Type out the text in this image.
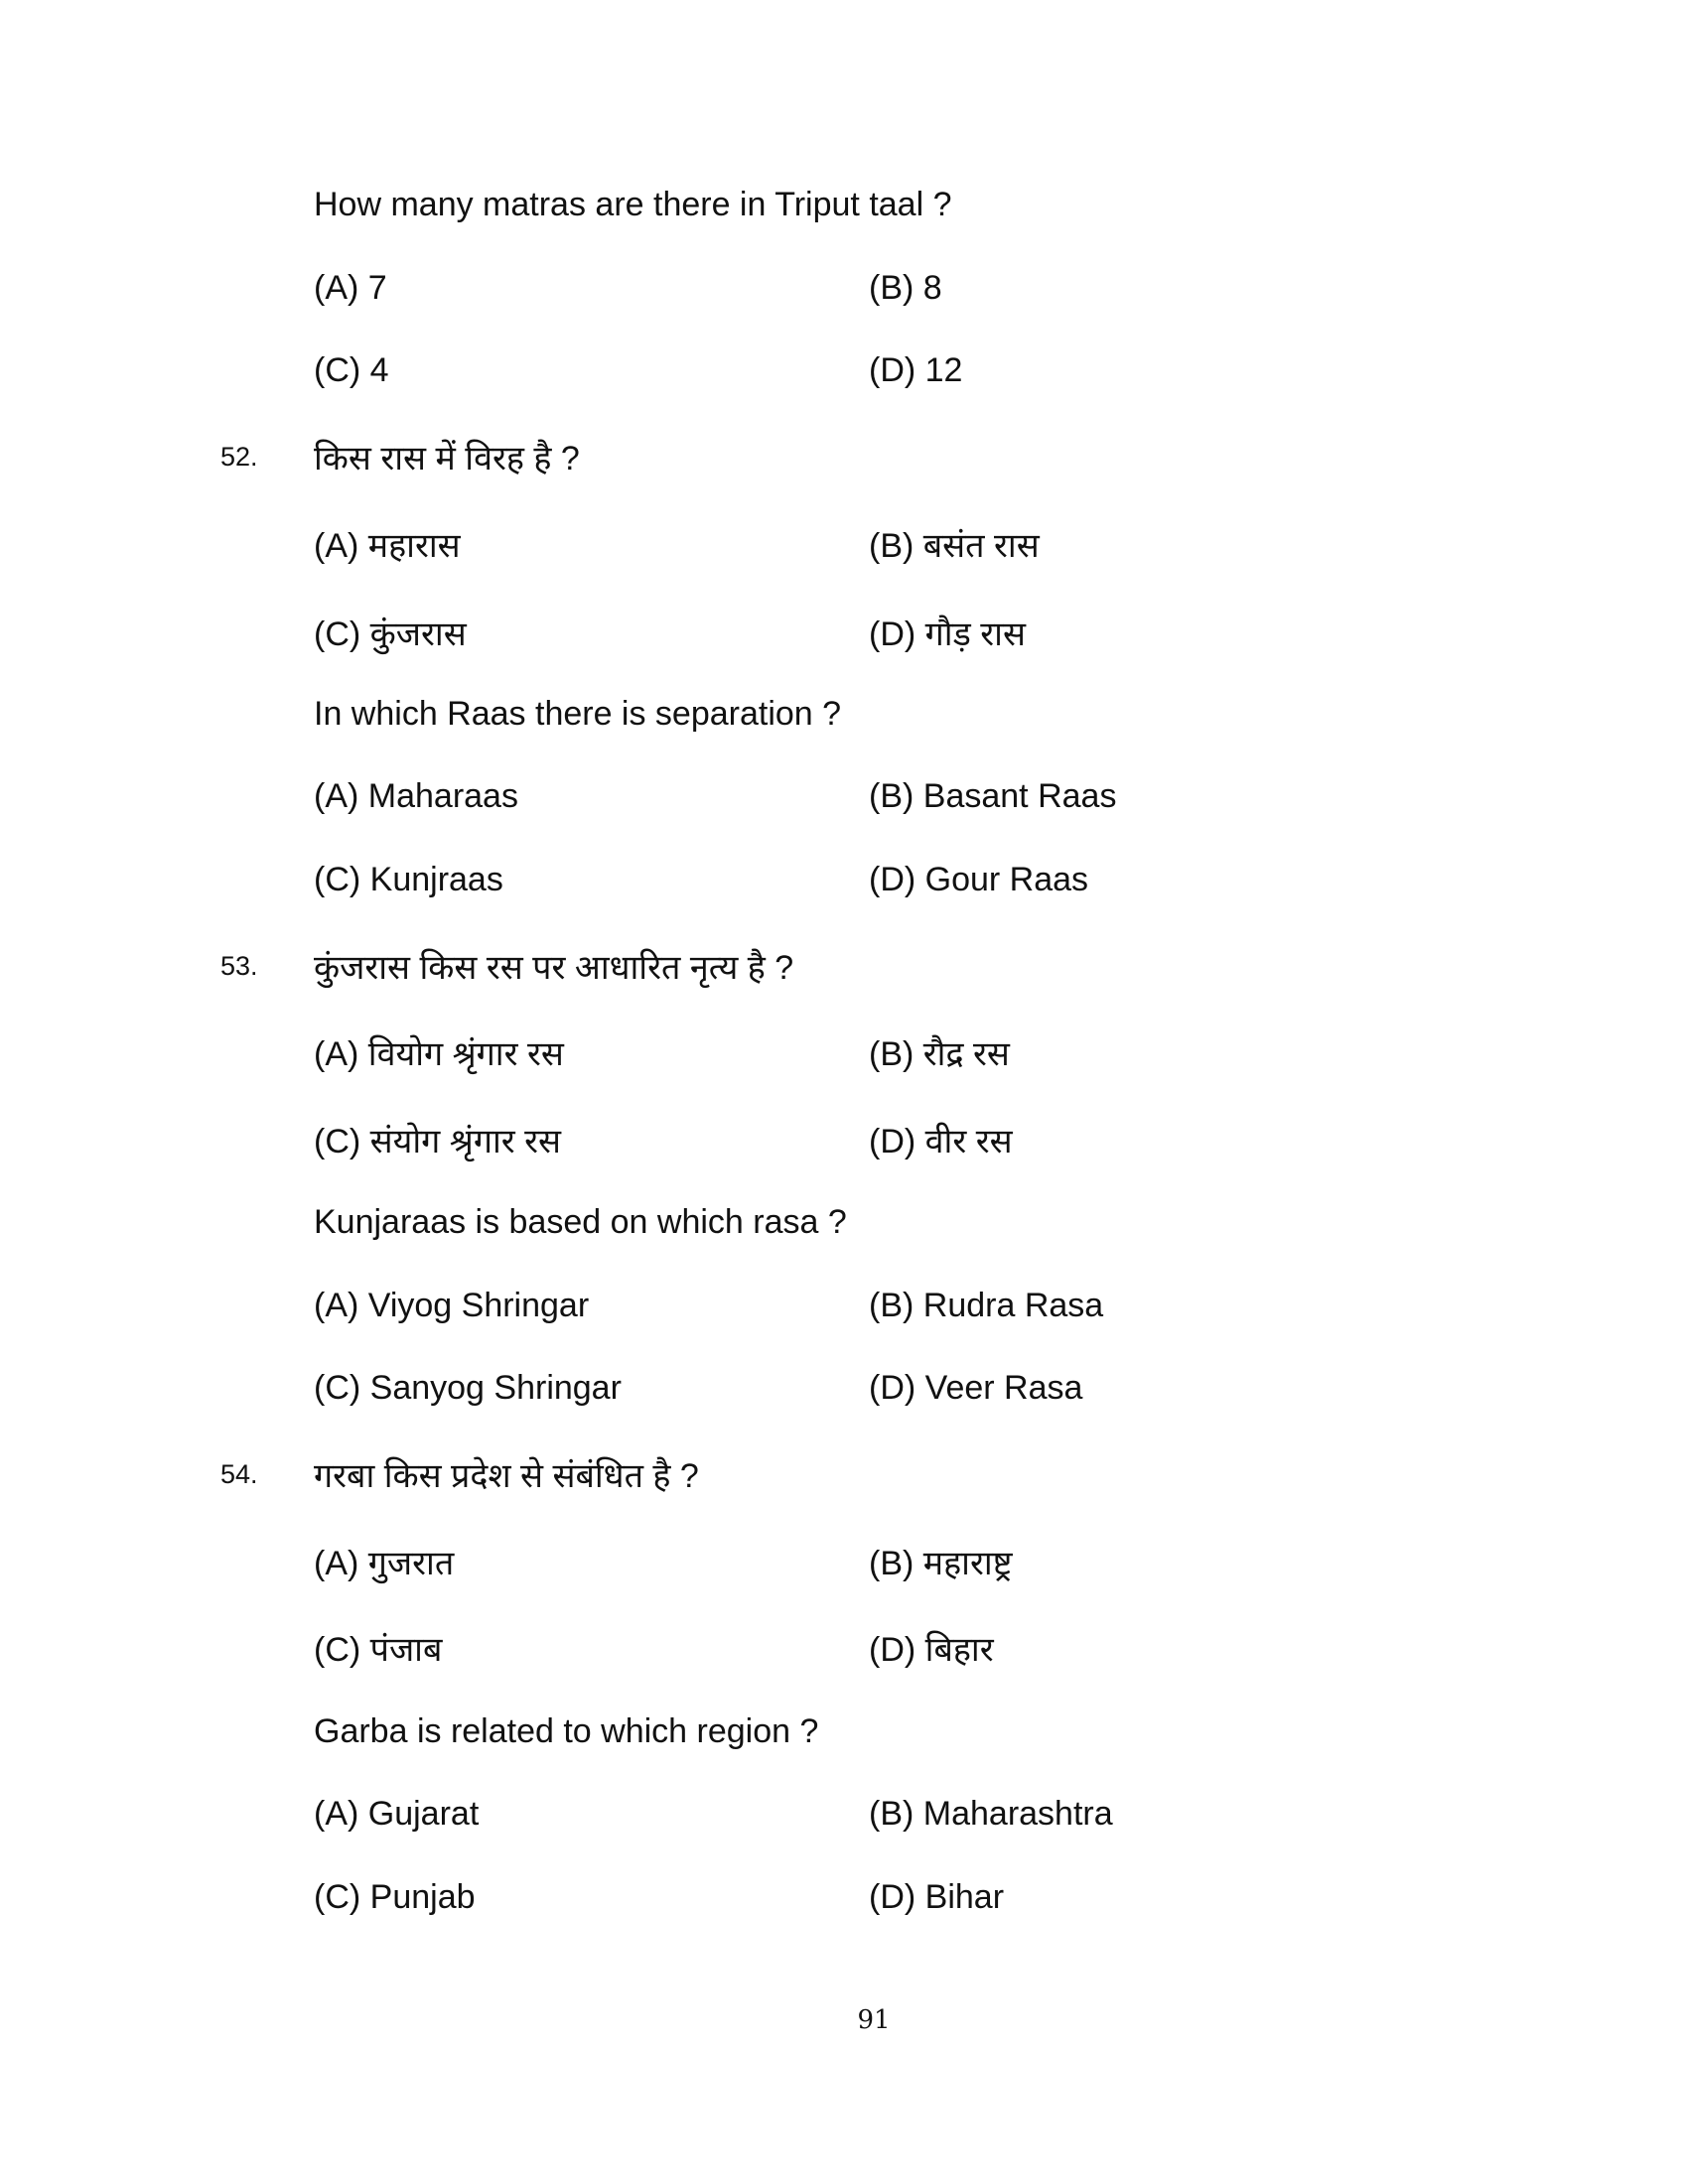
How many matras are there in Triput taal ?
(A) 7	(B) 8
(C) 4	(D) 12
52. किस रास में विरह है ?
(A) महारास	(B) बसंत रास
(C) कुंजरास	(D) गौड़ रास
In which Raas there is separation ?
(A) Maharaas	(B) Basant Raas
(C) Kunjraas	(D) Gour Raas
53. कुंजरास किस रस पर आधारित नृत्य है ?
(A) वियोग श्रृंगार रस	(B) रौद्र रस
(C) संयोग श्रृंगार रस	(D) वीर रस
Kunjaraas is based on which rasa ?
(A) Viyog Shringar	(B) Rudra Rasa
(C) Sanyog Shringar	(D) Veer Rasa
54. गरबा किस प्रदेश से संबंधित है ?
(A) गुजरात	(B) महाराष्ट्र
(C) पंजाब	(D) बिहार
Garba is related to which region ?
(A) Gujarat	(B) Maharashtra
(C) Punjab	(D) Bihar
91
